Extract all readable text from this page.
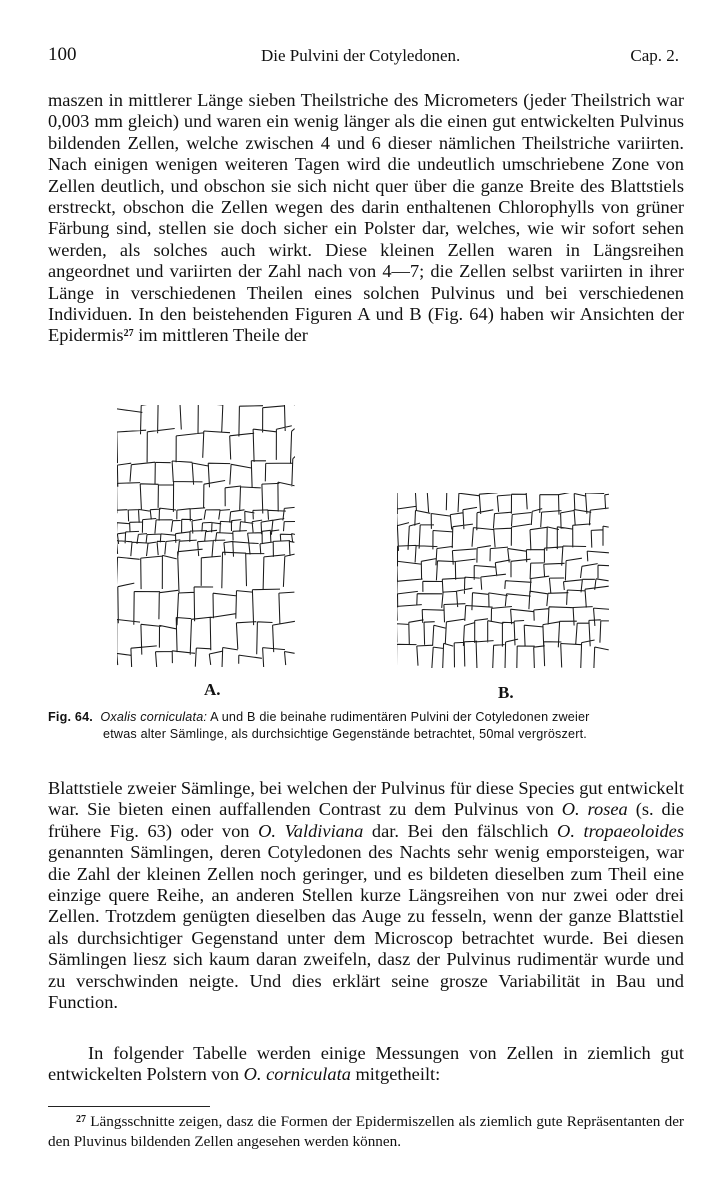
100	Die Pulvini der Cotyledonen.	Cap. 2.

maszen in mittlerer Länge sieben Theilstriche des Micrometers (jeder Theilstrich war 0,003 mm gleich) und waren ein wenig länger als die einen gut entwickelten Pulvinus bildenden Zellen, welche zwischen 4 und 6 dieser nämlichen Theilstriche variirten. Nach einigen wenigen weiteren Tagen wird die undeutlich umschriebene Zone von Zellen deutlich, und obschon sie sich nicht quer über die ganze Breite des Blattstiels erstreckt, obschon die Zellen wegen des darin enthaltenen Chlorophylls von grüner Färbung sind, stellen sie doch sicher ein Polster dar, welches, wie wir sofort sehen werden, als solches auch wirkt. Diese kleinen Zellen waren in Längsreihen angeordnet und variirten der Zahl nach von 4—7; die Zellen selbst variirten in ihrer Länge in verschiedenen Theilen eines solchen Pulvinus und bei verschiedenen Individuen. In den beistehenden Figuren A und B (Fig. 64) haben wir Ansichten der Epidermis$^{27}$ im mittleren Theile der

A.	B.

Fig. 64. Oxalis corniculata: A und B die beinahe rudimentären Pulvini der Cotyledonen zweier
etwas alter Sämlinge, als durchsichtige Gegenstände betrachtet, 50mal vergröszert.

Blattstiele zweier Sämlinge, bei welchen der Pulvinus für diese Species gut entwickelt war. Sie bieten einen auffallenden Contrast zu dem Pulvinus von O. rosea (s. die frühere Fig. 63) oder von O. Valdiviana dar. Bei den fälschlich O. tropaeoloides genannten Sämlingen, deren Cotyledonen des Nachts sehr wenig emporsteigen, war die Zahl der kleinen Zellen noch geringer, und es bildeten dieselben zum Theil eine einzige quere Reihe, an anderen Stellen kurze Längsreihen von nur zwei oder drei Zellen. Trotzdem genügten dieselben das Auge zu fesseln, wenn der ganze Blattstiel als durchsichtiger Gegenstand unter dem Microscop betrachtet wurde. Bei diesen Sämlingen liesz sich kaum daran zweifeln, dasz der Pulvinus rudimentär wurde und zu verschwinden neigte. Und dies erklärt seine grosze Variabilität in Bau und Function.

In folgender Tabelle werden einige Messungen von Zellen in ziemlich gut entwickelten Polstern von O. corniculata mitgetheilt:

$^{27}$ Längsschnitte zeigen, dasz die Formen der Epidermiszellen als ziemlich gute Repräsentanten der den Pluvinus bildenden Zellen angesehen werden können.
